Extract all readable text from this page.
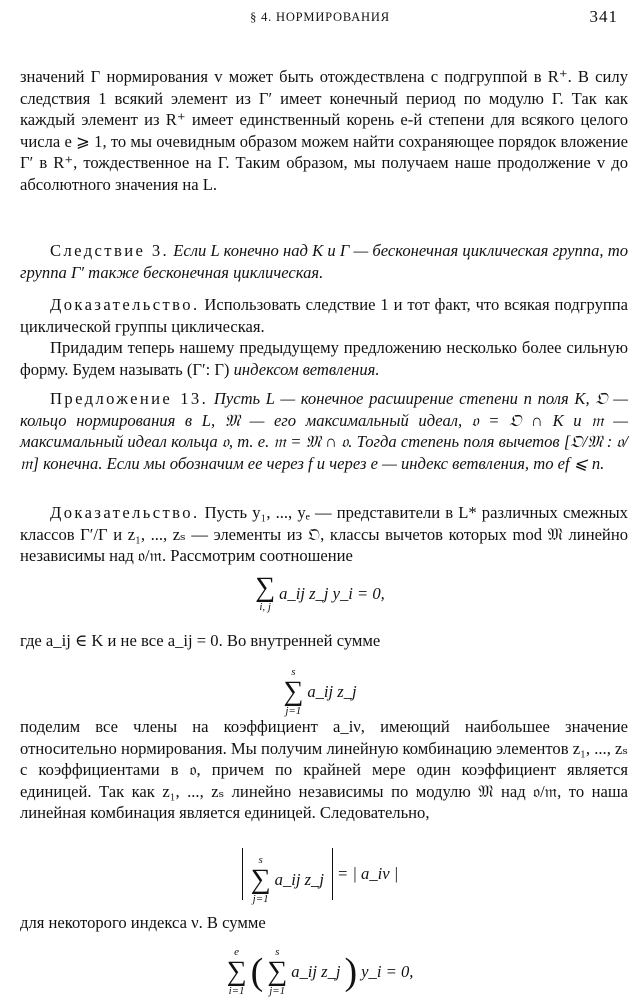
§ 4. НОРМИРОВАНИЯ	341

значений Γ нормирования v может быть отождествлена с подгруппой в R⁺. В силу следствия 1 всякий элемент из Γ′ имеет конечный период по модулю Γ. Так как каждый элемент из R⁺ имеет единственный корень e-й степени для всякого целого числа e ⩾ 1, то мы очевидным образом можем найти сохраняющее порядок вложение Γ′ в R⁺, тождественное на Γ. Таким образом, мы получаем наше продолжение v до абсолютного значения на L.

Следствие 3. Если L конечно над K и Γ — бесконечная циклическая группа, то группа Γ′ также бесконечная циклическая.

Доказательство. Использовать следствие 1 и тот факт, что всякая подгруппа циклической группы циклическая.

Придадим теперь нашему предыдущему предложению несколько более сильную форму. Будем называть (Γ′: Γ) индексом ветвления.

Предложение 13. Пусть L — конечное расширение степени n поля K, 𝔒 — кольцо нормирования в L, 𝔐 — его максимальный идеал, 𝔬 = 𝔒 ∩ K и 𝔪 — максимальный идеал кольца 𝔬, т. е. 𝔪 = 𝔐 ∩ 𝔬. Тогда степень поля вычетов [𝔒/𝔐 : 𝔬/𝔪] конечна. Если мы обозначим ее через f и через e — индекс ветвления, то ef ⩽ n.

Доказательство. Пусть y₁, ..., yₑ — представители в L* различных смежных классов Γ′/Γ и z₁, ..., zₛ — элементы из 𝔒, классы вычетов которых mod 𝔐 линейно независимы над 𝔬/𝔪. Рассмотрим соотношение

∑
i, j
a_ij z_j y_i = 0,

где a_ij ∈ K и не все a_ij = 0. Во внутренней сумме

s
∑
j=1
a_ij z_j

поделим все члены на коэффициент a_iν, имеющий наибольшее значение относительно нормирования. Мы получим линейную комбинацию элементов z₁, ..., zₛ с коэффициентами в 𝔬, причем по крайней мере один коэффициент является единицей. Так как z₁, ..., zₛ линейно независимы по модулю 𝔐 над 𝔬/𝔪, то наша линейная комбинация является единицей. Следовательно,

s
∑
j=1
a_ij z_j = | a_iν |

для некоторого индекса ν. В сумме

e
∑
i=1 ( s
∑
j=1
a_ij z_j ) y_i = 0,
